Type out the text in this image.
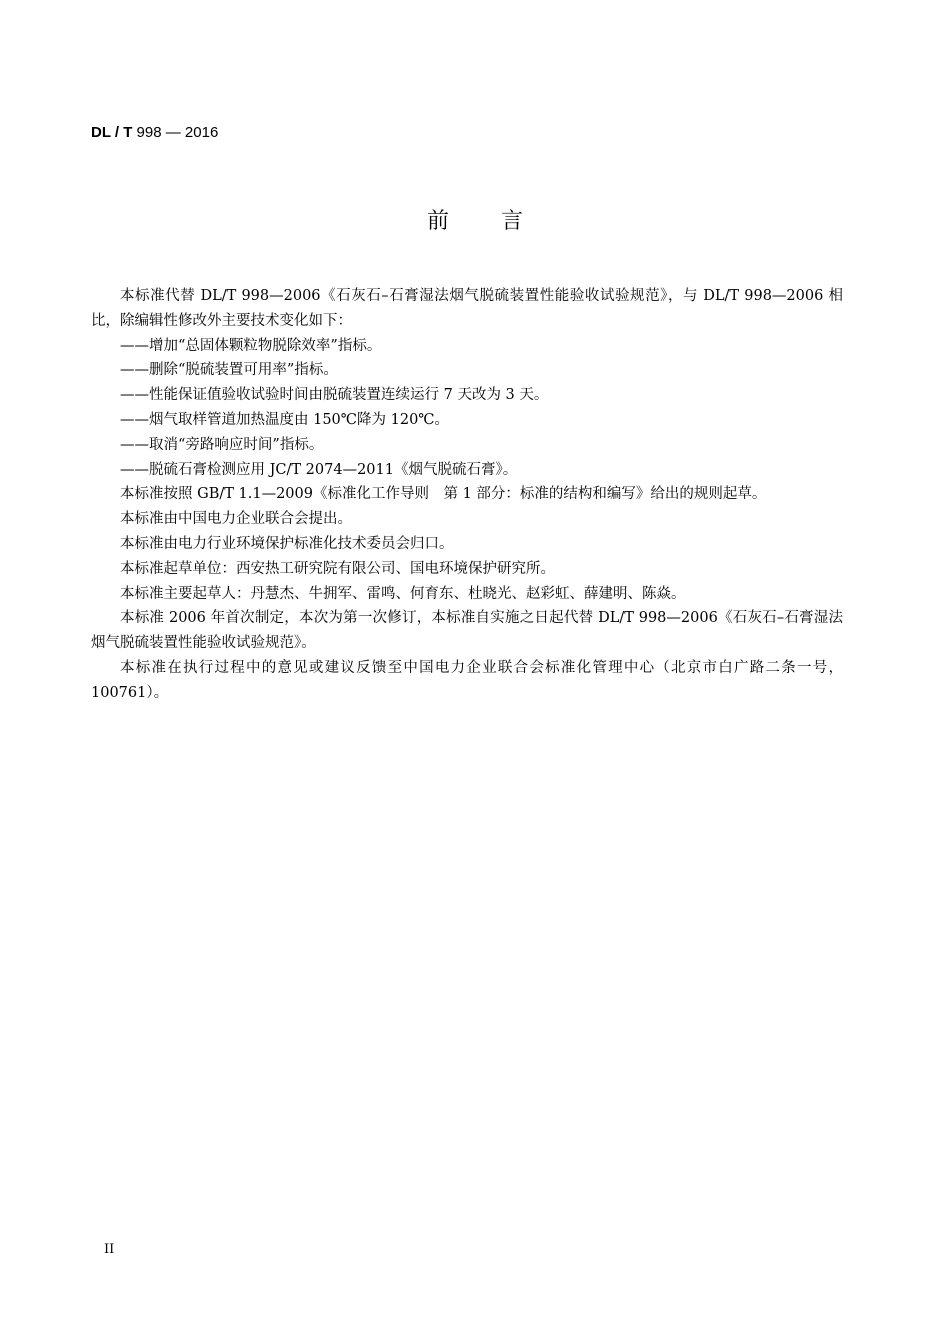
DL / T 998 — 2016
前言

本标准代替 DL/T 998—2006《石灰石–石膏湿法烟气脱硫装置性能验收试验规范》，与 DL/T 998—2006 相比，除编辑性修改外主要技术变化如下：

——增加“总固体颗粒物脱除效率”指标。

——删除“脱硫装置可用率”指标。

——性能保证值验收试验时间由脱硫装置连续运行 7 天改为 3 天。

——烟气取样管道加热温度由 150℃降为 120℃。

——取消“旁路响应时间”指标。

——脱硫石膏检测应用 JC/T 2074—2011《烟气脱硫石膏》。

本标准按照 GB/T 1.1—2009《标准化工作导则　第 1 部分：标准的结构和编写》给出的规则起草。

本标准由中国电力企业联合会提出。

本标准由电力行业环境保护标准化技术委员会归口。

本标准起草单位：西安热工研究院有限公司、国电环境保护研究所。

本标准主要起草人：丹慧杰、牛拥军、雷鸣、何育东、杜晓光、赵彩虹、薛建明、陈焱。

本标准 2006 年首次制定，本次为第一次修订，本标准自实施之日起代替 DL/T 998—2006《石灰石–石膏湿法烟气脱硫装置性能验收试验规范》。

本标准在执行过程中的意见或建议反馈至中国电力企业联合会标准化管理中心（北京市白广路二条一号，100761）。

II
